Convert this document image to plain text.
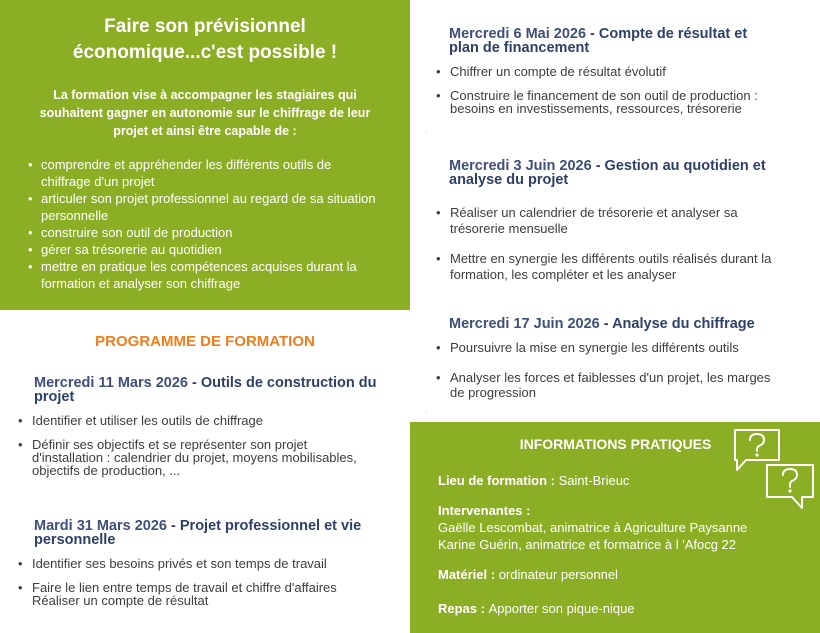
Faire son prévisionnel
économique...c'est possible !
La formation vise à accompagner les stagiaires qui
souhaitent gagner en autonomie sur le chiffrage de leur
projet et ainsi être capable de :
• comprendre et appréhender les différents outils de
chiffrage d'un projet
• articuler son projet professionnel au regard de sa situation
personnelle
• construire son outil de production
• gérer sa trésorerie au quotidien
• mettre en pratique les compétences acquises durant la
formation et analyser son chiffrage
PROGRAMME DE FORMATION
Mercredi 11 Mars 2026 - Outils de construction du
projet
• Identifier et utiliser les outils de chiffrage
• Définir ses objectifs et se représenter son projet
d'installation : calendrier du projet, moyens mobilisables,
objectifs de production, ...
Mardi 31 Mars 2026 - Projet professionnel et vie
personnelle
• Identifier ses besoins privés et son temps de travail
• Faire le lien entre temps de travail et chiffre d'affaires
Réaliser un compte de résultat
Mercredi 6 Mai 2026 - Compte de résultat et
plan de financement
• Chiffrer un compte de résultat évolutif
• Construire le financement de son outil de production :
besoins en investissements, ressources, trésorerie
·
Mercredi 3 Juin 2026 - Gestion au quotidien et
analyse du projet
• Réaliser un calendrier de trésorerie et analyser sa
trésorerie mensuelle
• Mettre en synergie les différents outils réalisés durant la
formation, les compléter et les analyser
Mercredi 17 Juin 2026 - Analyse du chiffrage
• Poursuivre la mise en synergie les différents outils
• Analyser les forces et faiblesses d'un projet, les marges
de progression
·
INFORMATIONS PRATIQUES
Lieu de formation : Saint-Brieuc
Intervenantes :
Gaëlle Lescombat, animatrice à Agriculture Paysanne
Karine Guérin, animatrice et formatrice à l 'Afocg 22
Matériel : ordinateur personnel
Repas : Apporter son pique-nique
